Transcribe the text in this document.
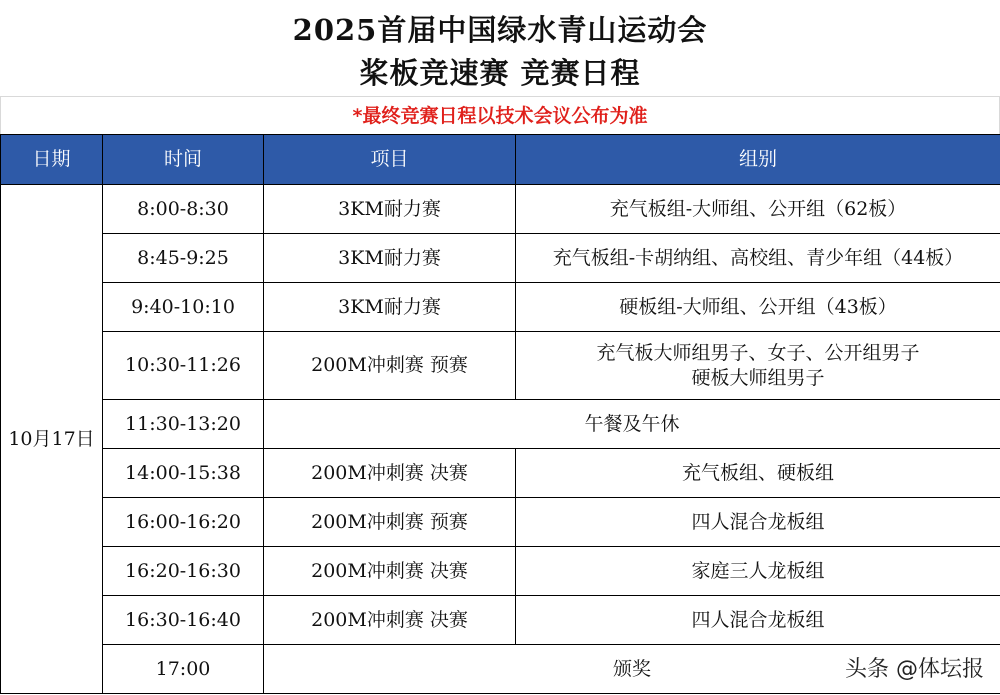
2025首届中国绿水青山运动会
桨板竞速赛 竞赛日程
*最终竞赛日程以技术会议公布为准
日期	时间	项目	组别
10月17日	8:00-8:30	3KM耐力赛	充气板组-大师组、公开组（62板）
	8:45-9:25	3KM耐力赛	充气板组-卡胡纳组、高校组、青少年组（44板）
	9:40-10:10	3KM耐力赛	硬板组-大师组、公开组（43板）
	10:30-11:26	200M冲刺赛 预赛	充气板大师组男子、女子、公开组男子
硬板大师组男子

	11:30-13:20	午餐及午休	
	14:00-15:38	200M冲刺赛 决赛	充气板组、硬板组
	16:00-16:20	200M冲刺赛 预赛	四人混合龙板组
	16:20-16:30	200M冲刺赛 决赛	家庭三人龙板组
	16:30-16:40	200M冲刺赛 决赛	四人混合龙板组
	17:00	颁奖		头条 @体坛报
